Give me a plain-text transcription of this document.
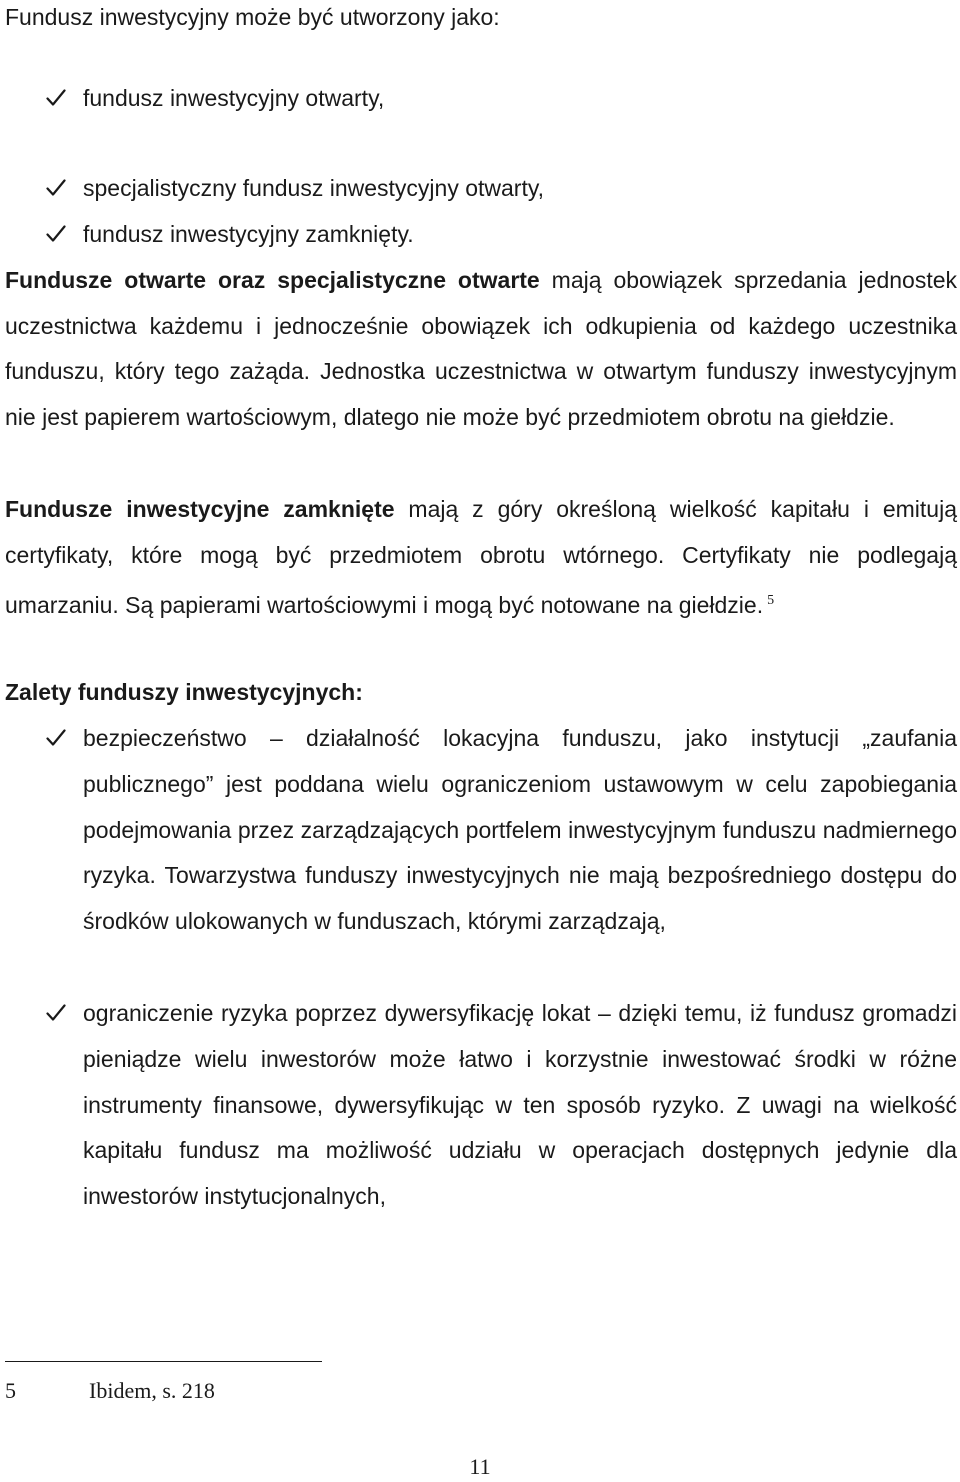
Fundusz inwestycyjny może być utworzony jako:

fundusz inwestycyjny otwarty,
specjalistyczny fundusz inwestycyjny otwarty,
fundusz inwestycyjny zamknięty.

Fundusze otwarte oraz specjalistyczne otwarte mają obowiązek sprzedania jednostek uczestnictwa każdemu i jednocześnie obowiązek ich odkupienia od każdego uczestnika funduszu, który tego zażąda. Jednostka uczestnictwa w otwartym funduszy inwestycyjnym nie jest papierem wartościowym, dlatego nie może być przedmiotem obrotu na giełdzie.

Fundusze inwestycyjne zamknięte mają z góry określoną wielkość kapitału i emitują certyfikaty, które mogą być przedmiotem obrotu wtórnego. Certyfikaty nie podlegają umarzaniu. Są papierami wartościowymi i mogą być notowane na giełdzie. $^5$

Zalety funduszy inwestycyjnych:

bezpieczeństwo – działalność lokacyjna funduszu, jako instytucji „zaufania publicznego” jest poddana wielu ograniczeniom ustawowym w celu zapobiegania podejmowania przez zarządzających portfelem inwestycyjnym funduszu nadmiernego ryzyka. Towarzystwa funduszy inwestycyjnych nie mają bezpośredniego dostępu do środków ulokowanych w funduszach, którymi zarządzają,
ograniczenie ryzyka poprzez dywersyfikację lokat – dzięki temu, iż fundusz gromadzi pieniądze wielu inwestorów może łatwo i korzystnie inwestować środki w różne instrumenty finansowe, dywersyfikując w ten sposób ryzyko. Z uwagi na wielkość kapitału fundusz ma możliwość udziału w operacjach dostępnych jedynie dla inwestorów instytucjonalnych,
5	Ibidem, s. 218
11
